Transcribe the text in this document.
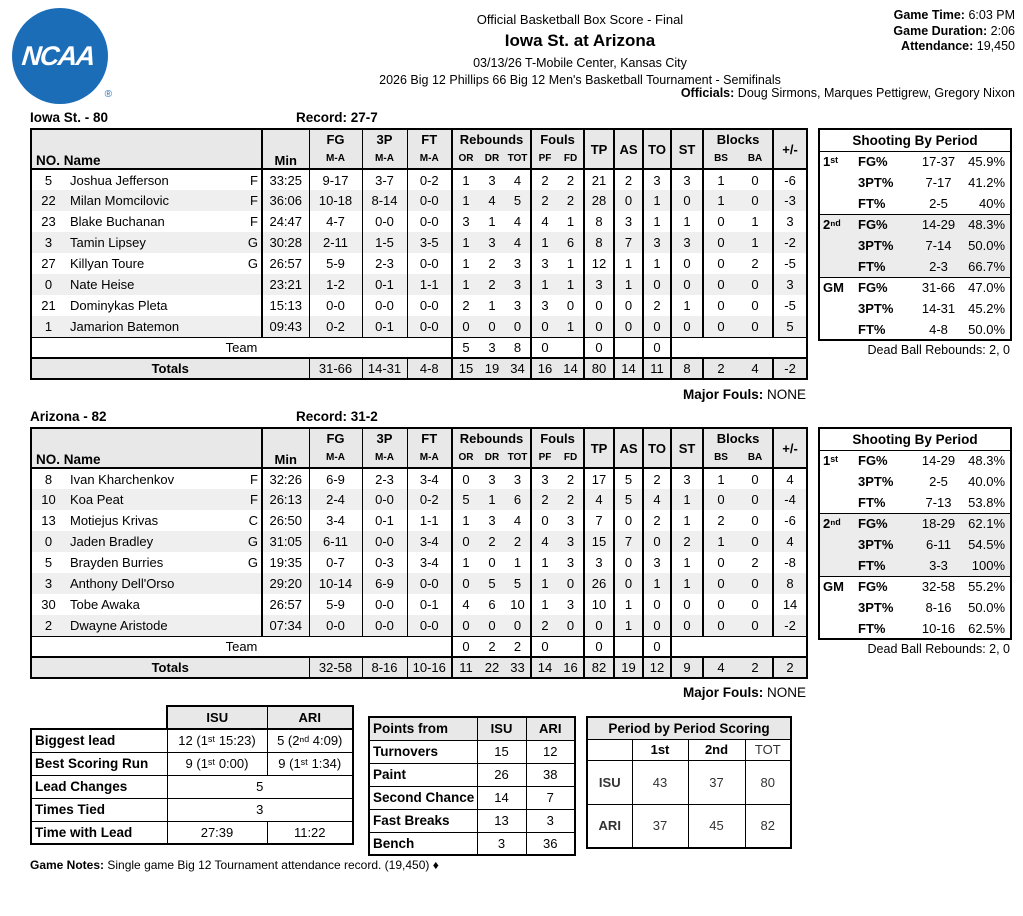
NCAA
®
Official Basketball Box Score - Final
Iowa St. at Arizona
03/13/26 T-Mobile Center, Kansas City
2026 Big 12 Phillips 66 Big 12 Men's Basketball Tournament - Semifinals
Game Time: 6:03 PM
Game Duration: 2:06
Attendance: 19,450
Officials: Doug Sirmons, Marques Pettigrew, Gregory Nixon
Iowa St. - 80	Record: 27-7
NO. Name		Min	FG	3P	FT	Rebounds			Fouls		TP	AS	TO	ST	Blocks		+/-
			M-A	M-A	M-A	OR	DR	TOT	PF	FD					BS	BA	
5	Joshua Jefferson F	33:25	9-17	3-7	0-2	1	3	4	2	2	21	2	3	3	1	0	-6
22	Milan Momcilovic F	36:06	10-18	8-14	0-0	1	4	5	2	2	28	0	1	0	1	0	-3
23	Blake Buchanan F	24:47	4-7	0-0	0-0	3	1	4	4	1	8	3	1	1	0	1	3
3	Tamin Lipsey G	30:28	2-11	1-5	3-5	1	3	4	1	6	8	7	3	3	0	1	-2
27	Killyan Toure G	26:57	5-9	2-3	0-0	1	2	3	3	1	12	1	1	0	0	2	-5
0	Nate Heise	23:21	1-2	0-1	1-1	1	2	3	1	1	3	1	0	0	0	0	3
21	Dominykas Pleta	15:13	0-0	0-0	0-0	2	1	3	3	0	0	0	2	1	0	0	-5
1	Jamarion Batemon	09:43	0-2	0-1	0-0	0	0	0	0	1	0	0	0	0	0	0	5
Team						5	3	8	0		0		0				
Totals			31-66	14-31	4-8	15	19	34	16	14	80	14	11	8	2	4	-2
Shooting By Period			
1ˢᵗ	FG%	17-37	45.9%
	3PT%	7-17	41.2%
	FT%	2-5	40%
2ⁿᵈ	FG%	14-29	48.3%
	3PT%	7-14	50.0%
	FT%	2-3	66.7%
GM	FG%	31-66	47.0%
	3PT%	14-31	45.2%
	FT%	4-8	50.0%
Dead Ball Rebounds: 2, 0
Major Fouls: NONE
Arizona - 82	Record: 31-2
NO. Name		Min	FG	3P	FT	Rebounds			Fouls		TP	AS	TO	ST	Blocks		+/-
			M-A	M-A	M-A	OR	DR	TOT	PF	FD					BS	BA	
8	Ivan Kharchenkov F	32:26	6-9	2-3	3-4	0	3	3	3	2	17	5	2	3	1	0	4
10	Koa Peat F	26:13	2-4	0-0	0-2	5	1	6	2	2	4	5	4	1	0	0	-4
13	Motiejus Krivas C	26:50	3-4	0-1	1-1	1	3	4	0	3	7	0	2	1	2	0	-6
0	Jaden Bradley G	31:05	6-11	0-0	3-4	0	2	2	4	3	15	7	0	2	1	0	4
5	Brayden Burries G	19:35	0-7	0-3	3-4	1	0	1	1	3	3	0	3	1	0	2	-8
3	Anthony Dell'Orso	29:20	10-14	6-9	0-0	0	5	5	1	0	26	0	1	1	0	0	8
30	Tobe Awaka	26:57	5-9	0-0	0-1	4	6	10	1	3	10	1	0	0	0	0	14
2	Dwayne Aristode	07:34	0-0	0-0	0-0	0	0	0	2	0	0	1	0	0	0	0	-2
Team						0	2	2	0		0		0				
Totals			32-58	8-16	10-16	11	22	33	14	16	82	19	12	9	4	2	2
Shooting By Period			
1ˢᵗ	FG%	14-29	48.3%
	3PT%	2-5	40.0%
	FT%	7-13	53.8%
2ⁿᵈ	FG%	18-29	62.1%
	3PT%	6-11	54.5%
	FT%	3-3	100%
GM	FG%	32-58	55.2%
	3PT%	8-16	50.0%
	FT%	10-16	62.5%
Dead Ball Rebounds: 2, 0
Major Fouls: NONE
	ISU	ARI
Biggest lead	12 (1ˢᵗ 15:23)	5 (2ⁿᵈ 4:09)
Best Scoring Run	9 (1ˢᵗ 0:00)	9 (1ˢᵗ 1:34)
Lead Changes	5	
Times Tied	3	
Time with Lead	27:39	11:22
Points from	ISU	ARI
Turnovers	15	12
Paint	26	38
Second Chance	14	7
Fast Breaks	13	3
Bench	3	36
Period by Period Scoring			
	1st	2nd	TOT
ISU	43	37	80
ARI	37	45	82
Game Notes: Single game Big 12 Tournament attendance record. (19,450) ♦
